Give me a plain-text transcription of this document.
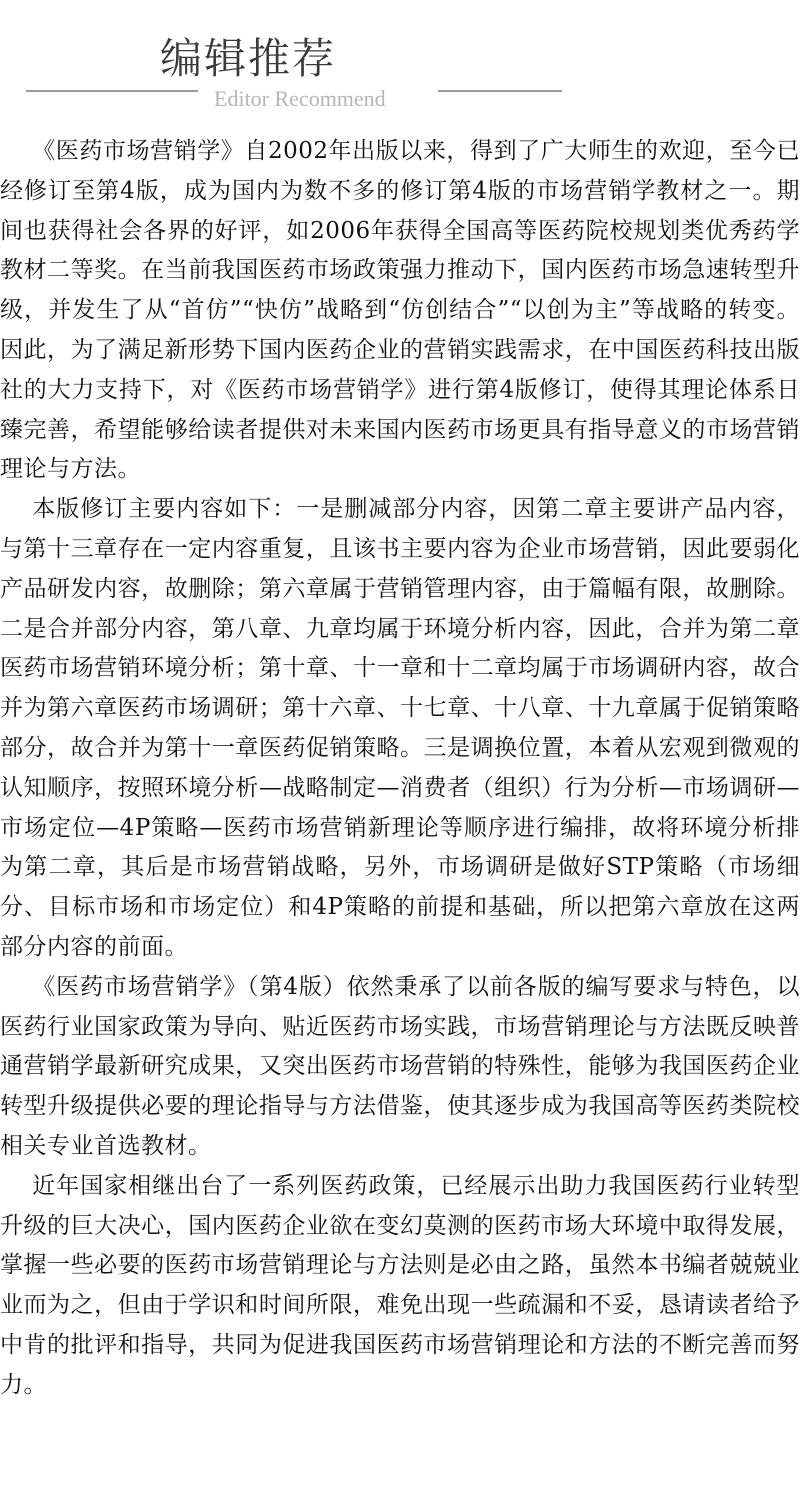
编辑推荐
Editor Recommend

《医药市场营销学》自2002年出版以来，得到了广大师生的欢迎，至今已经修订至第4版，成为国内为数不多的修订第4版的市场营销学教材之一。期间也获得社会各界的好评，如2006年获得全国高等医药院校规划类优秀药学教材二等奖。在当前我国医药市场政策强力推动下，国内医药市场急速转型升级，并发生了从“首仿”“快仿”战略到“仿创结合”“以创为主”等战略的转变。因此，为了满足新形势下国内医药企业的营销实践需求，在中国医药科技出版社的大力支持下，对《医药市场营销学》进行第4版修订，使得其理论体系日臻完善，希望能够给读者提供对未来国内医药市场更具有指导意义的市场营销理论与方法。

本版修订主要内容如下：一是删减部分内容，因第二章主要讲产品内容，与第十三章存在一定内容重复，且该书主要内容为企业市场营销，因此要弱化产品研发内容，故删除；第六章属于营销管理内容，由于篇幅有限，故删除。二是合并部分内容，第八章、九章均属于环境分析内容，因此，合并为第二章医药市场营销环境分析；第十章、十一章和十二章均属于市场调研内容，故合并为第六章医药市场调研；第十六章、十七章、十八章、十九章属于促销策略部分，故合并为第十一章医药促销策略。三是调换位置，本着从宏观到微观的认知顺序，按照环境分析—战略制定—消费者（组织）行为分析—市场调研—市场定位—4P策略—医药市场营销新理论等顺序进行编排，故将环境分析排为第二章，其后是市场营销战略，另外，市场调研是做好STP策略（市场细分、目标市场和市场定位）和4P策略的前提和基础，所以把第六章放在这两部分内容的前面。

《医药市场营销学》（第4版）依然秉承了以前各版的编写要求与特色，以医药行业国家政策为导向、贴近医药市场实践，市场营销理论与方法既反映普通营销学最新研究成果，又突出医药市场营销的特殊性，能够为我国医药企业转型升级提供必要的理论指导与方法借鉴，使其逐步成为我国高等医药类院校相关专业首选教材。

近年国家相继出台了一系列医药政策，已经展示出助力我国医药行业转型升级的巨大决心，国内医药企业欲在变幻莫测的医药市场大环境中取得发展，掌握一些必要的医药市场营销理论与方法则是必由之路，虽然本书编者兢兢业业而为之，但由于学识和时间所限，难免出现一些疏漏和不妥，恳请读者给予中肯的批评和指导，共同为促进我国医药市场营销理论和方法的不断完善而努力。
